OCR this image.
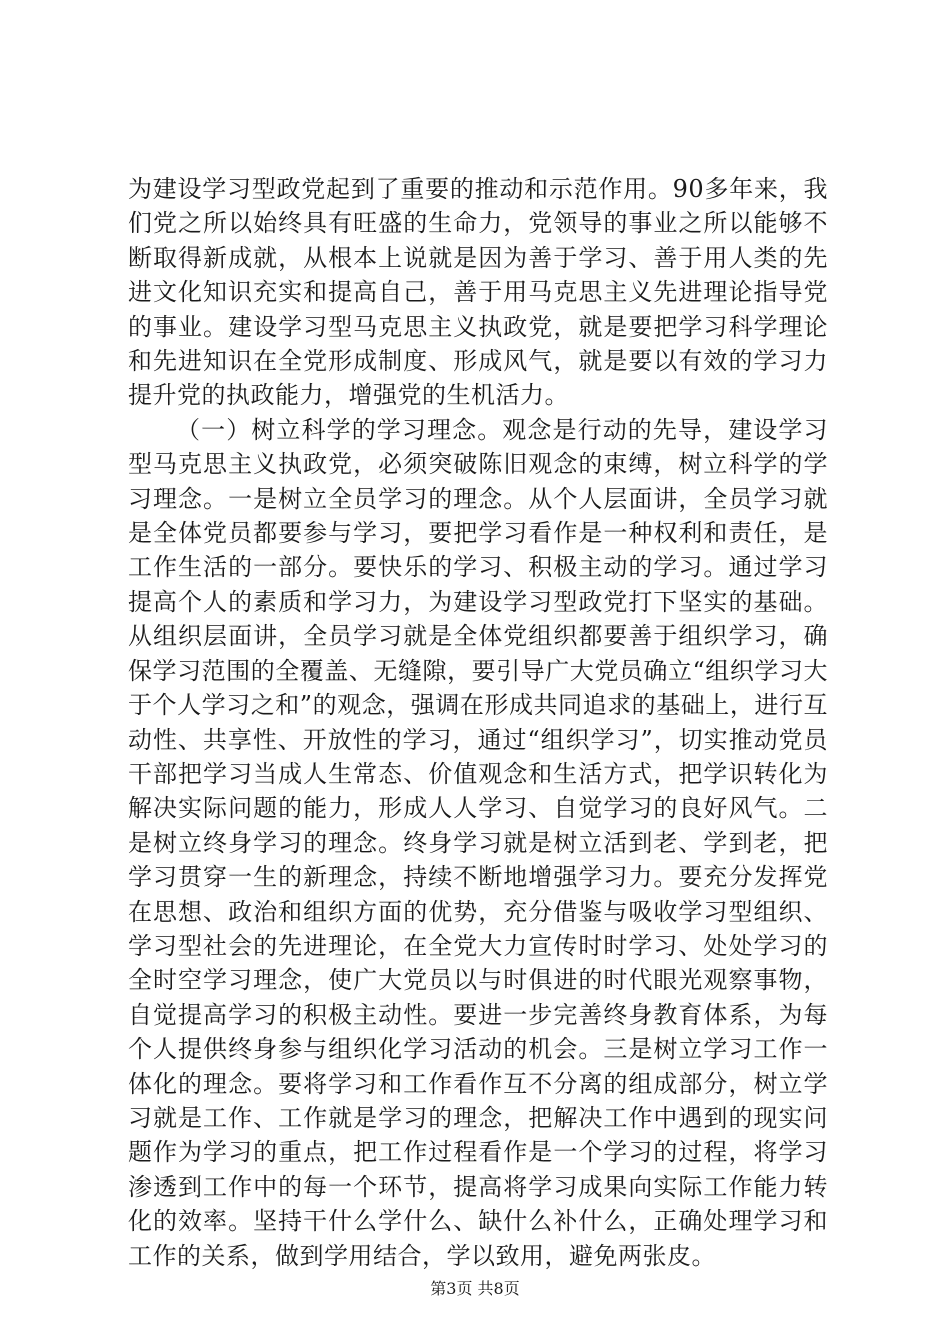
为建设学习型政党起到了重要的推动和示范作用。90多年来，我们党之所以始终具有旺盛的生命力，党领导的事业之所以能够不断取得新成就，从根本上说就是因为善于学习、善于用人类的先进文化知识充实和提高自己，善于用马克思主义先进理论指导党的事业。建设学习型马克思主义执政党，就是要把学习科学理论和先进知识在全党形成制度、形成风气，就是要以有效的学习力提升党的执政能力，增强党的生机活力。

（一）树立科学的学习理念。观念是行动的先导，建设学习型马克思主义执政党，必须突破陈旧观念的束缚，树立科学的学习理念。一是树立全员学习的理念。从个人层面讲，全员学习就是全体党员都要参与学习，要把学习看作是一种权利和责任，是工作生活的一部分。要快乐的学习、积极主动的学习。通过学习提高个人的素质和学习力，为建设学习型政党打下坚实的基础。从组织层面讲，全员学习就是全体党组织都要善于组织学习，确保学习范围的全覆盖、无缝隙，要引导广大党员确立“组织学习大于个人学习之和”的观念，强调在形成共同追求的基础上，进行互动性、共享性、开放性的学习，通过“组织学习”，切实推动党员干部把学习当成人生常态、价值观念和生活方式，把学识转化为解决实际问题的能力，形成人人学习、自觉学习的良好风气。二是树立终身学习的理念。终身学习就是树立活到老、学到老，把学习贯穿一生的新理念，持续不断地增强学习力。要充分发挥党在思想、政治和组织方面的优势，充分借鉴与吸收学习型组织、学习型社会的先进理论，在全党大力宣传时时学习、处处学习的全时空学习理念，使广大党员以与时俱进的时代眼光观察事物，自觉提高学习的积极主动性。要进一步完善终身教育体系，为每个人提供终身参与组织化学习活动的机会。三是树立学习工作一体化的理念。要将学习和工作看作互不分离的组成部分，树立学习就是工作、工作就是学习的理念，把解决工作中遇到的现实问题作为学习的重点，把工作过程看作是一个学习的过程，将学习渗透到工作中的每一个环节，提高将学习成果向实际工作能力转化的效率。坚持干什么学什么、缺什么补什么，正确处理学习和工作的关系，做到学用结合，学以致用，避免两张皮。

第3页 共8页
